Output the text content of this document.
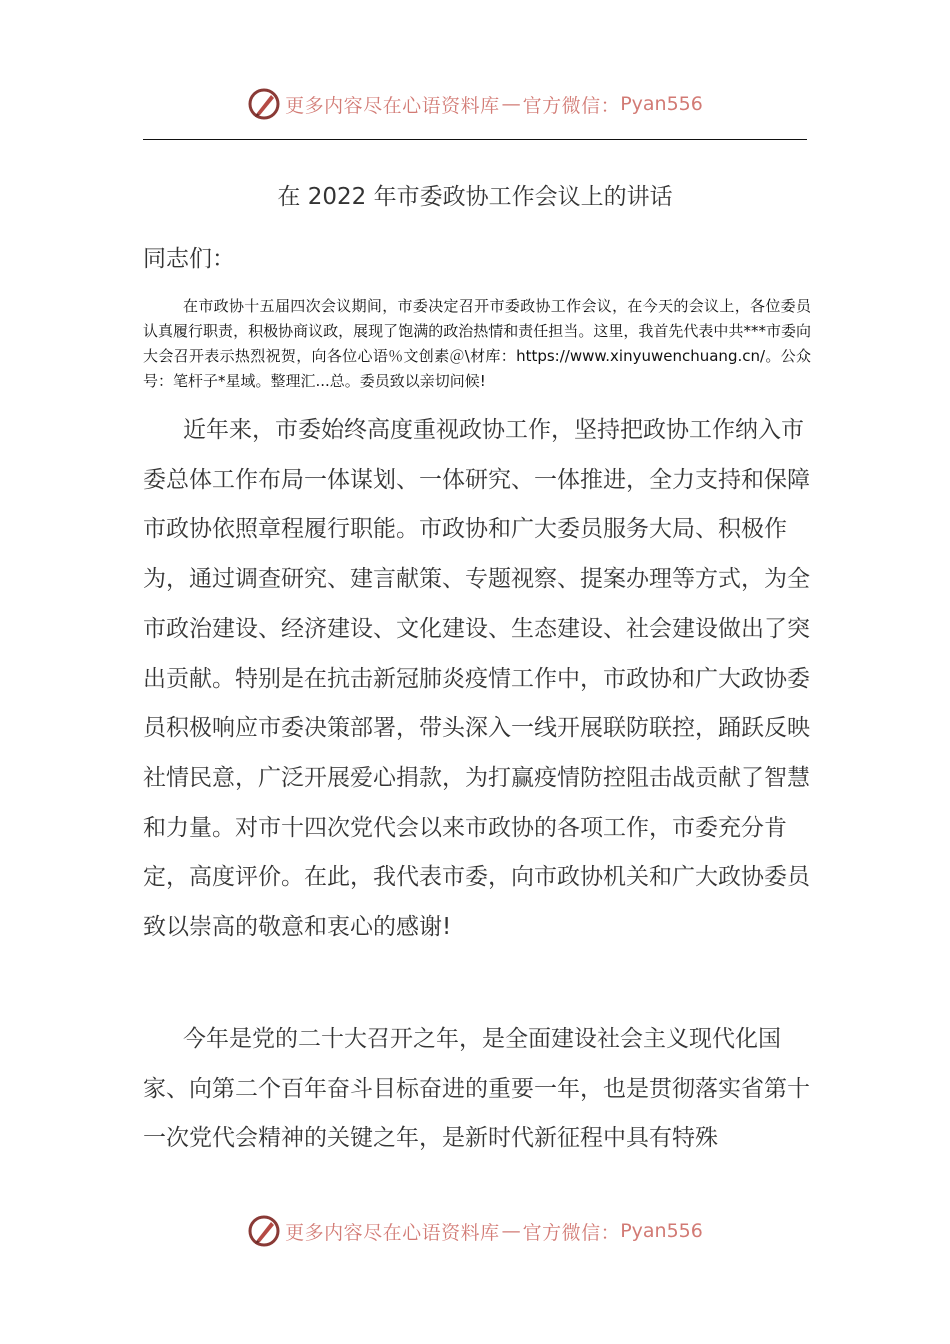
更多内容尽在心语资料库 — 官方微信： Pyan556
在 2022 年市委政协工作会议上的讲话
同志们：
在市政协十五届四次会议期间，市委决定召开市委政协工作会议，在今天的会议上，各位委员认真履行职责，积极协商议政，展现了饱满的政治热情和责任担当。这里，我首先代表中共***市委向大会召开表示热烈祝贺，向各位心语％文创素＠\材库：https://www.xinyuwenchuang.cn/。公众号：笔杆子*星域。整理汇...总。委员致以亲切问候!
近年来，市委始终高度重视政协工作，坚持把政协工作纳入市委总体工作布局一体谋划、一体研究、一体推进，全力支持和保障市政协依照章程履行职能。市政协和广大委员服务大局、积极作为，通过调查研究、建言献策、专题视察、提案办理等方式，为全市政治建设、经济建设、文化建设、生态建设、社会建设做出了突出贡献。特别是在抗击新冠肺炎疫情工作中，市政协和广大政协委员积极响应市委决策部署，带头深入一线开展联防联控，踊跃反映社情民意，广泛开展爱心捐款，为打赢疫情防控阻击战贡献了智慧和力量。对市十四次党代会以来市政协的各项工作，市委充分肯定，高度评价。在此，我代表市委，向市政协机关和广大政协委员致以崇高的敬意和衷心的感谢!
今年是党的二十大召开之年，是全面建设社会主义现代化国家、向第二个百年奋斗目标奋进的重要一年，也是贯彻落实省第十一次党代会精神的关键之年，是新时代新征程中具有特殊
更多内容尽在心语资料库 — 官方微信： Pyan556
